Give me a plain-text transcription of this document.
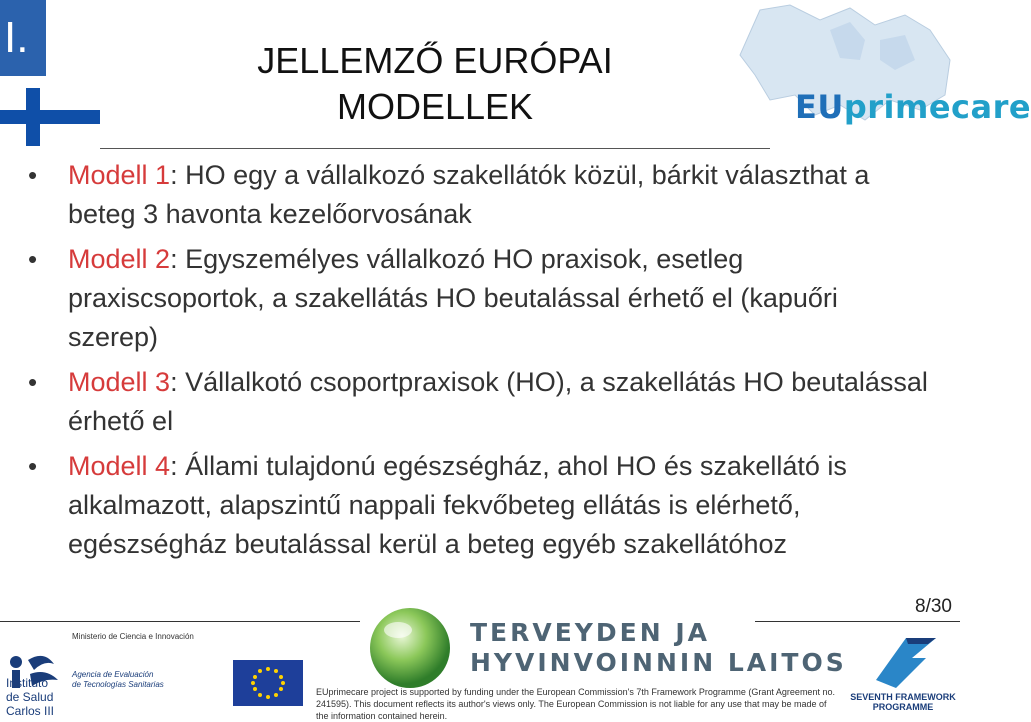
I.	JELLEMZŐ EURÓPAI
MODELLEK	EUprimecare
• Modell 1: HO egy a vállalkozó szakellátók közül, bárkit választhat a beteg 3 havonta kezelőorvosának
• Modell 2: Egyszemélyes vállalkozó HO praxisok, esetleg praxiscsoportok, a szakellátás HO beutalással érhető el (kapuőri szerep)
• Modell 3: Vállalkotó csoportpraxisok (HO), a szakellátás HO beutalással érhető el
• Modell 4: Állami tulajdonú egészségház, ahol HO és szakellátó is alkalmazott, alapszintű nappali fekvőbeteg ellátás is elérhető, egészségház beutalással kerül a beteg egyéb szakellátóhoz
8/30
Instituto
de Salud
Carlos III
Ministerio de Ciencia e Innovación
Agencia de Evaluación
de Tecnologías Sanitarias
TERVEYDEN JA
HYVINVOINNIN LAITOS
EUprimecare project is supported by funding under the European Commission's 7th Framework Programme (Grant Agreement no. 241595). This document reflects its author's views only. The European Commission is not liable for any use that may be made of the information contained herein.
SEVENTH FRAMEWORK
PROGRAMME
